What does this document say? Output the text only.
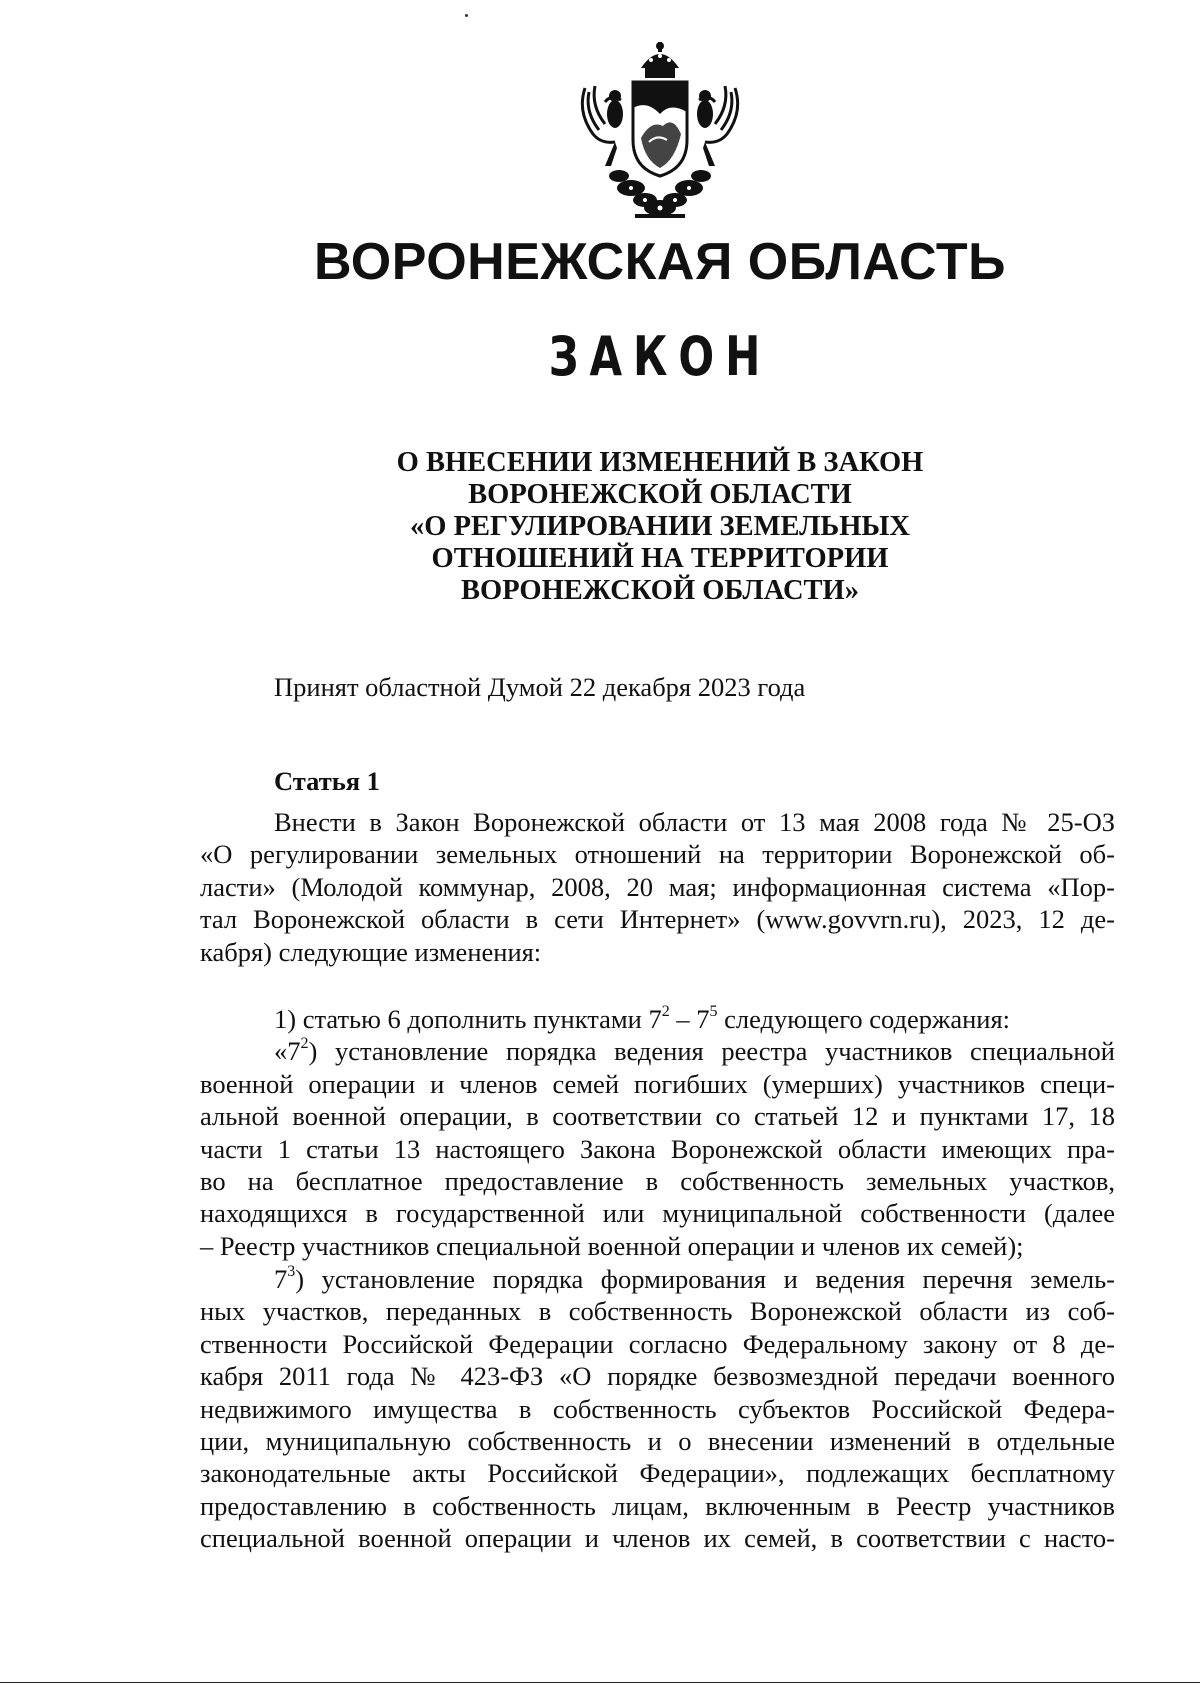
ВОРОНЕЖСКАЯ ОБЛАСТЬ
ЗАКОН
О ВНЕСЕНИИ ИЗМЕНЕНИЙ В ЗАКОН
ВОРОНЕЖСКОЙ ОБЛАСТИ
«О РЕГУЛИРОВАНИИ ЗЕМЕЛЬНЫХ
ОТНОШЕНИЙ НА ТЕРРИТОРИИ
ВОРОНЕЖСКОЙ ОБЛАСТИ»
Принят областной Думой 22 декабря 2023 года
Статья 1
Внести в Закон Воронежской области от 13 мая 2008 года № 25-ОЗ
«О регулировании земельных отношений на территории Воронежской об-
ласти» (Молодой коммунар, 2008, 20 мая; информационная система «Пор-
тал Воронежской области в сети Интернет» (www.govvrn.ru), 2023, 12 де-
кабря) следующие изменения:
1) статью 6 дополнить пунктами $7^2 - 7^5$ следующего содержания:
«$7^2$) установление порядка ведения реестра участников специальной
военной операции и членов семей погибших (умерших) участников специ-
альной военной операции, в соответствии со статьей 12 и пунктами 17, 18
части 1 статьи 13 настоящего Закона Воронежской области имеющих пра-
во на бесплатное предоставление в собственность земельных участков,
находящихся в государственной или муниципальной собственности (далее
– Реестр участников специальной военной операции и членов их семей);
$7^3$) установление порядка формирования и ведения перечня земель-
ных участков, переданных в собственность Воронежской области из соб-
ственности Российской Федерации согласно Федеральному закону от 8 де-
кабря 2011 года № 423-ФЗ «О порядке безвозмездной передачи военного
недвижимого имущества в собственность субъектов Российской Федера-
ции, муниципальную собственность и о внесении изменений в отдельные
законодательные акты Российской Федерации», подлежащих бесплатному
предоставлению в собственность лицам, включенным в Реестр участников
специальной военной операции и членов их семей, в соответствии с насто-
